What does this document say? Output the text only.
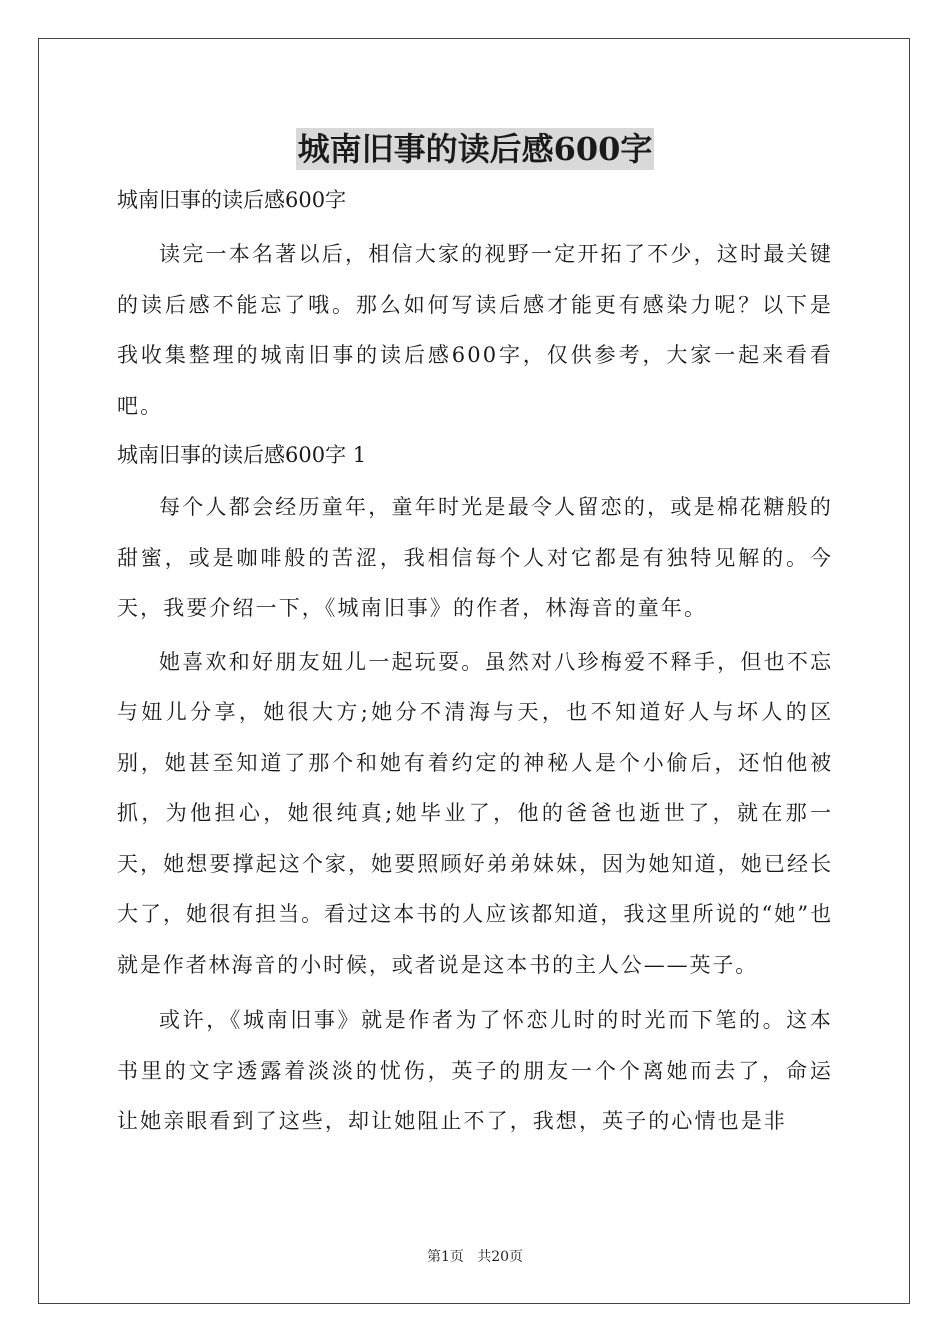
城南旧事的读后感600字

城南旧事的读后感600字

读完一本名著以后，相信大家的视野一定开拓了不少，这时最关键的读后感不能忘了哦。那么如何写读后感才能更有感染力呢？以下是我收集整理的城南旧事的读后感600字，仅供参考，大家一起来看看吧。

城南旧事的读后感600字 1

每个人都会经历童年，童年时光是最令人留恋的，或是棉花糖般的甜蜜，或是咖啡般的苦涩，我相信每个人对它都是有独特见解的。今天，我要介绍一下，《城南旧事》的作者，林海音的童年。

她喜欢和好朋友妞儿一起玩耍。虽然对八珍梅爱不释手，但也不忘与妞儿分享，她很大方;她分不清海与天，也不知道好人与坏人的区别，她甚至知道了那个和她有着约定的神秘人是个小偷后，还怕他被抓，为他担心，她很纯真;她毕业了，他的爸爸也逝世了，就在那一天，她想要撑起这个家，她要照顾好弟弟妹妹，因为她知道，她已经长大了，她很有担当。看过这本书的人应该都知道，我这里所说的“她”也就是作者林海音的小时候，或者说是这本书的主人公——英子。

或许，《城南旧事》就是作者为了怀恋儿时的时光而下笔的。这本书里的文字透露着淡淡的忧伤，英子的朋友一个个离她而去了，命运让她亲眼看到了这些，却让她阻止不了，我想，英子的心情也是非

第1页   共20页
